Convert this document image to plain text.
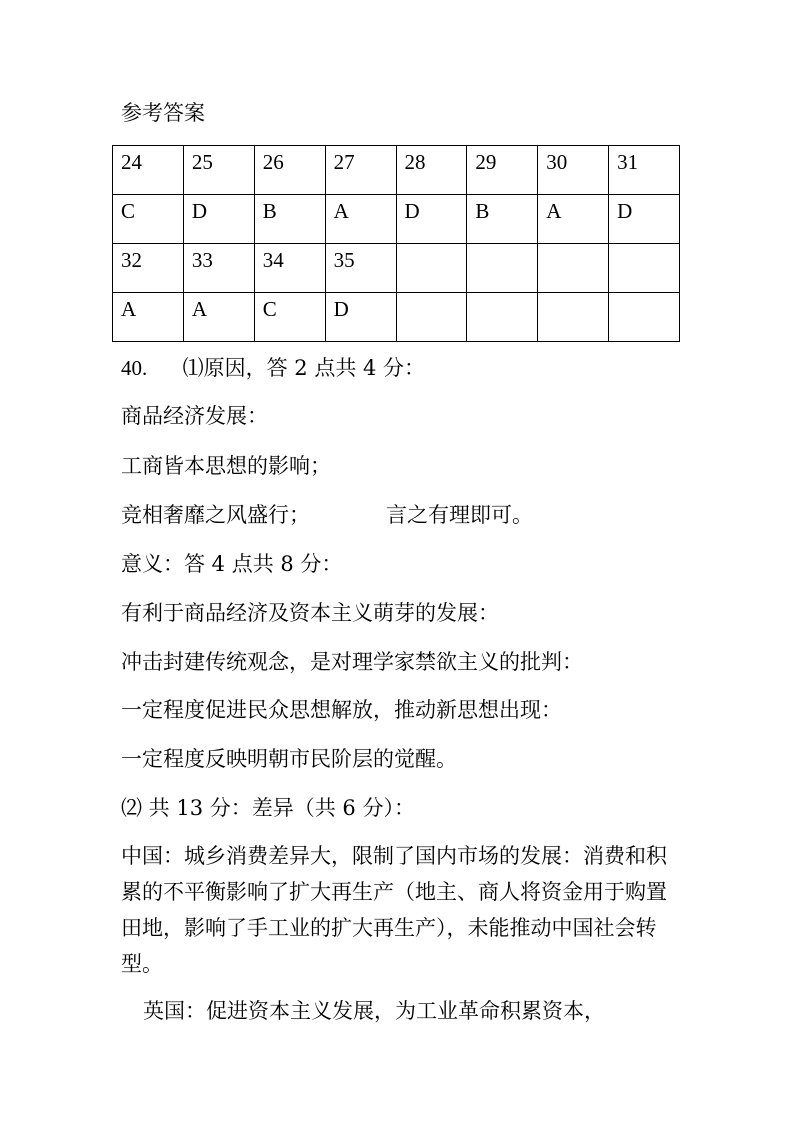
参考答案
24	25	26	27	28	29	30	31
C	D	B	A	D	B	A	D
32	33	34	35				
A	A	C	D				
40. ⑴原因，答 2 点共 4 分：
商品经济发展：
工商皆本思想的影响；
竞相奢靡之风盛行；	言之有理即可。
意义：答 4 点共 8 分：
有利于商品经济及资本主义萌芽的发展：
冲击封建传统观念，是对理学家禁欲主义的批判：
一定程度促进民众思想解放，推动新思想出现：
一定程度反映明朝市民阶层的觉醒。
⑵ 共 13 分：差异（共 6 分）：
中国：城乡消费差异大，限制了国内市场的发展：消费和积累的不平衡影响了扩大再生产（地主、商人将资金用于购置田地，影响了手工业的扩大再生产），未能推动中国社会转型。
英国：促进资本主义发展，为工业革命积累资本，
